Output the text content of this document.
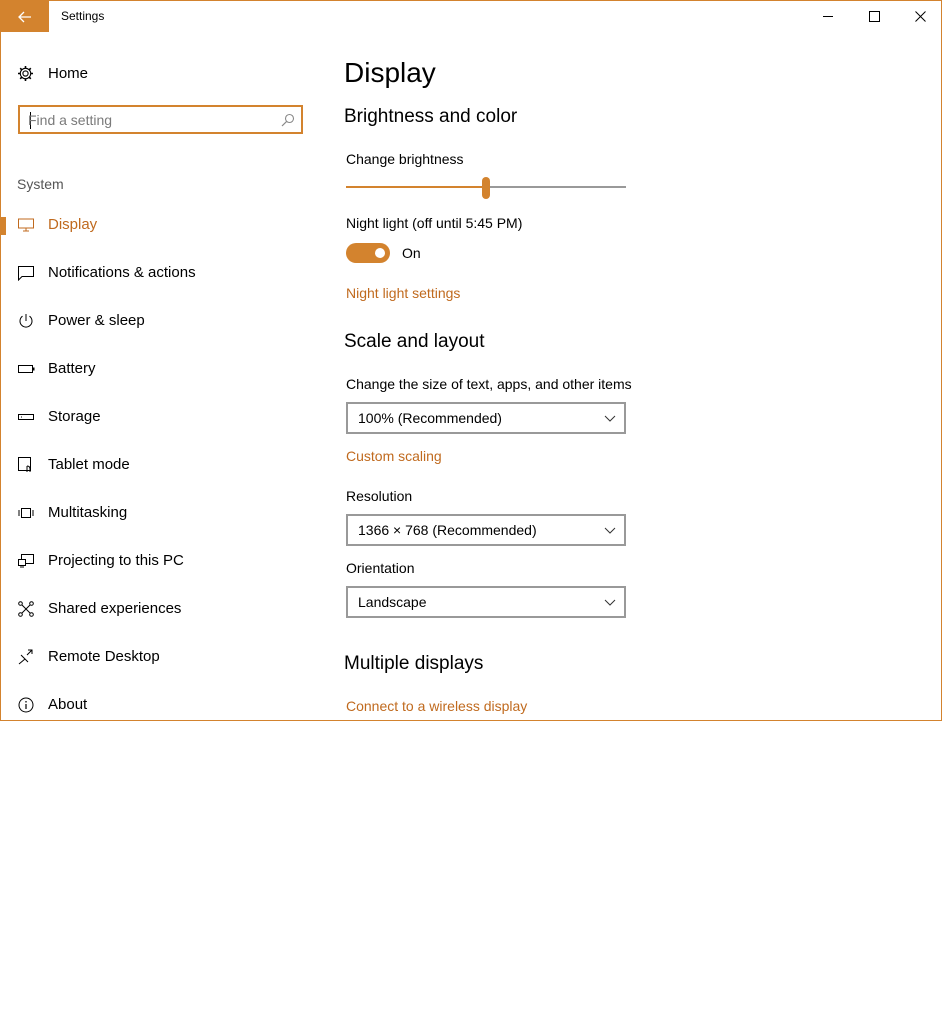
Settings
Home
Find a setting
System
Display
Notifications & actions
Power & sleep
Battery
Storage
Tablet mode
Multitasking
Projecting to this PC
Shared experiences
Remote Desktop
About
Display
Brightness and color
Change brightness
Night light (off until 5:45 PM)
On
Night light settings
Scale and layout
Change the size of text, apps, and other items
100% (Recommended)
Custom scaling
Resolution
1366 × 768 (Recommended)
Orientation
Landscape
Multiple displays
Connect to a wireless display
